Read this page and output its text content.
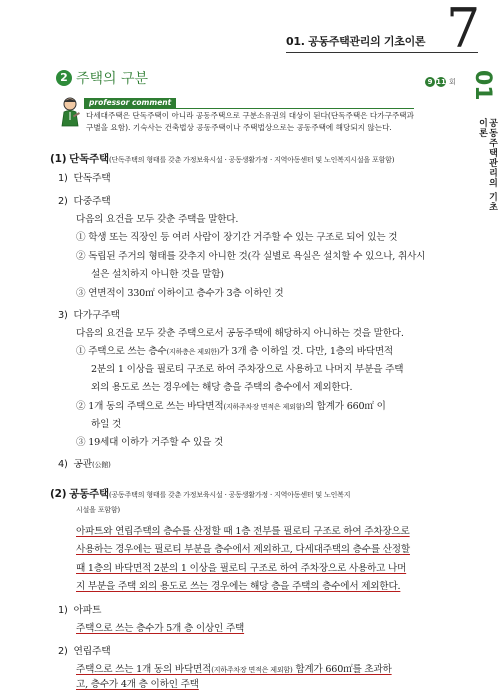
01. 공동주택관리의 기초이론 7
9 11 회 01
공동주택관리의 기초이론
2 주택의 구분
professor comment
다세대주택은 단독주택이 아니라 공동주택으로 구분소유권의 대상이 된다(단독주택은 다가구주택과
구별을 요함). 기숙사는 건축법상 공동주택이나 주택법상으로는 공동주택에 해당되지 않는다.
(1) 단독주택(단독주택의 형태를 갖춘 가정보육시설 · 공동생활가정 · 지역아동센터 및 노인복지시설을 포함함)
1) 단독주택
2) 다중주택
다음의 요건을 모두 갖춘 주택을 말한다.
① 학생 또는 직장인 등 여러 사람이 장기간 거주할 수 있는 구조로 되어 있는 것
② 독립된 주거의 형태를 갖추지 아니한 것(각 실별로 욕실은 설치할 수 있으나, 취사시
설은 설치하지 아니한 것을 말함)
③ 연면적이 330㎡ 이하이고 층수가 3층 이하인 것
3) 다가구주택
다음의 요건을 모두 갖춘 주택으로서 공동주택에 해당하지 아니하는 것을 말한다.
① 주택으로 쓰는 층수(지하층은 제외한)가 3개 층 이하일 것. 다만, 1층의 바닥면적
2분의 1 이상을 필로티 구조로 하여 주차장으로 사용하고 나머지 부분을 주택
외의 용도로 쓰는 경우에는 해당 층을 주택의 층수에서 제외한다.
② 1개 동의 주택으로 쓰는 바닥면적(지하주차장 면적은 제외함)의 합계가 660㎡ 이
하일 것
③ 19세대 이하가 거주할 수 있을 것
4) 공관(公館)
(2) 공동주택(공동주택의 형태를 갖춘 가정보육시설 · 공동생활가정 · 지역아동센터 및 노인복지
시설을 포함함)
아파트와 연립주택의 층수를 산정할 때 1층 전부를 필로티 구조로 하여 주차장으로
사용하는 경우에는 필로티 부분을 층수에서 제외하고, 다세대주택의 층수를 산정할
때 1층의 바닥면적 2분의 1 이상을 필로티 구조로 하여 주차장으로 사용하고 나머
지 부분을 주택 외의 용도로 쓰는 경우에는 해당 층을 주택의 층수에서 제외한다.
1) 아파트
주택으로 쓰는 층수가 5개 층 이상인 주택
2) 연립주택
주택으로 쓰는 1개 동의 바닥면적(지하주차장 면적은 제외함) 합계가 660㎡를 초과하
고, 층수가 4개 층 이하인 주택
